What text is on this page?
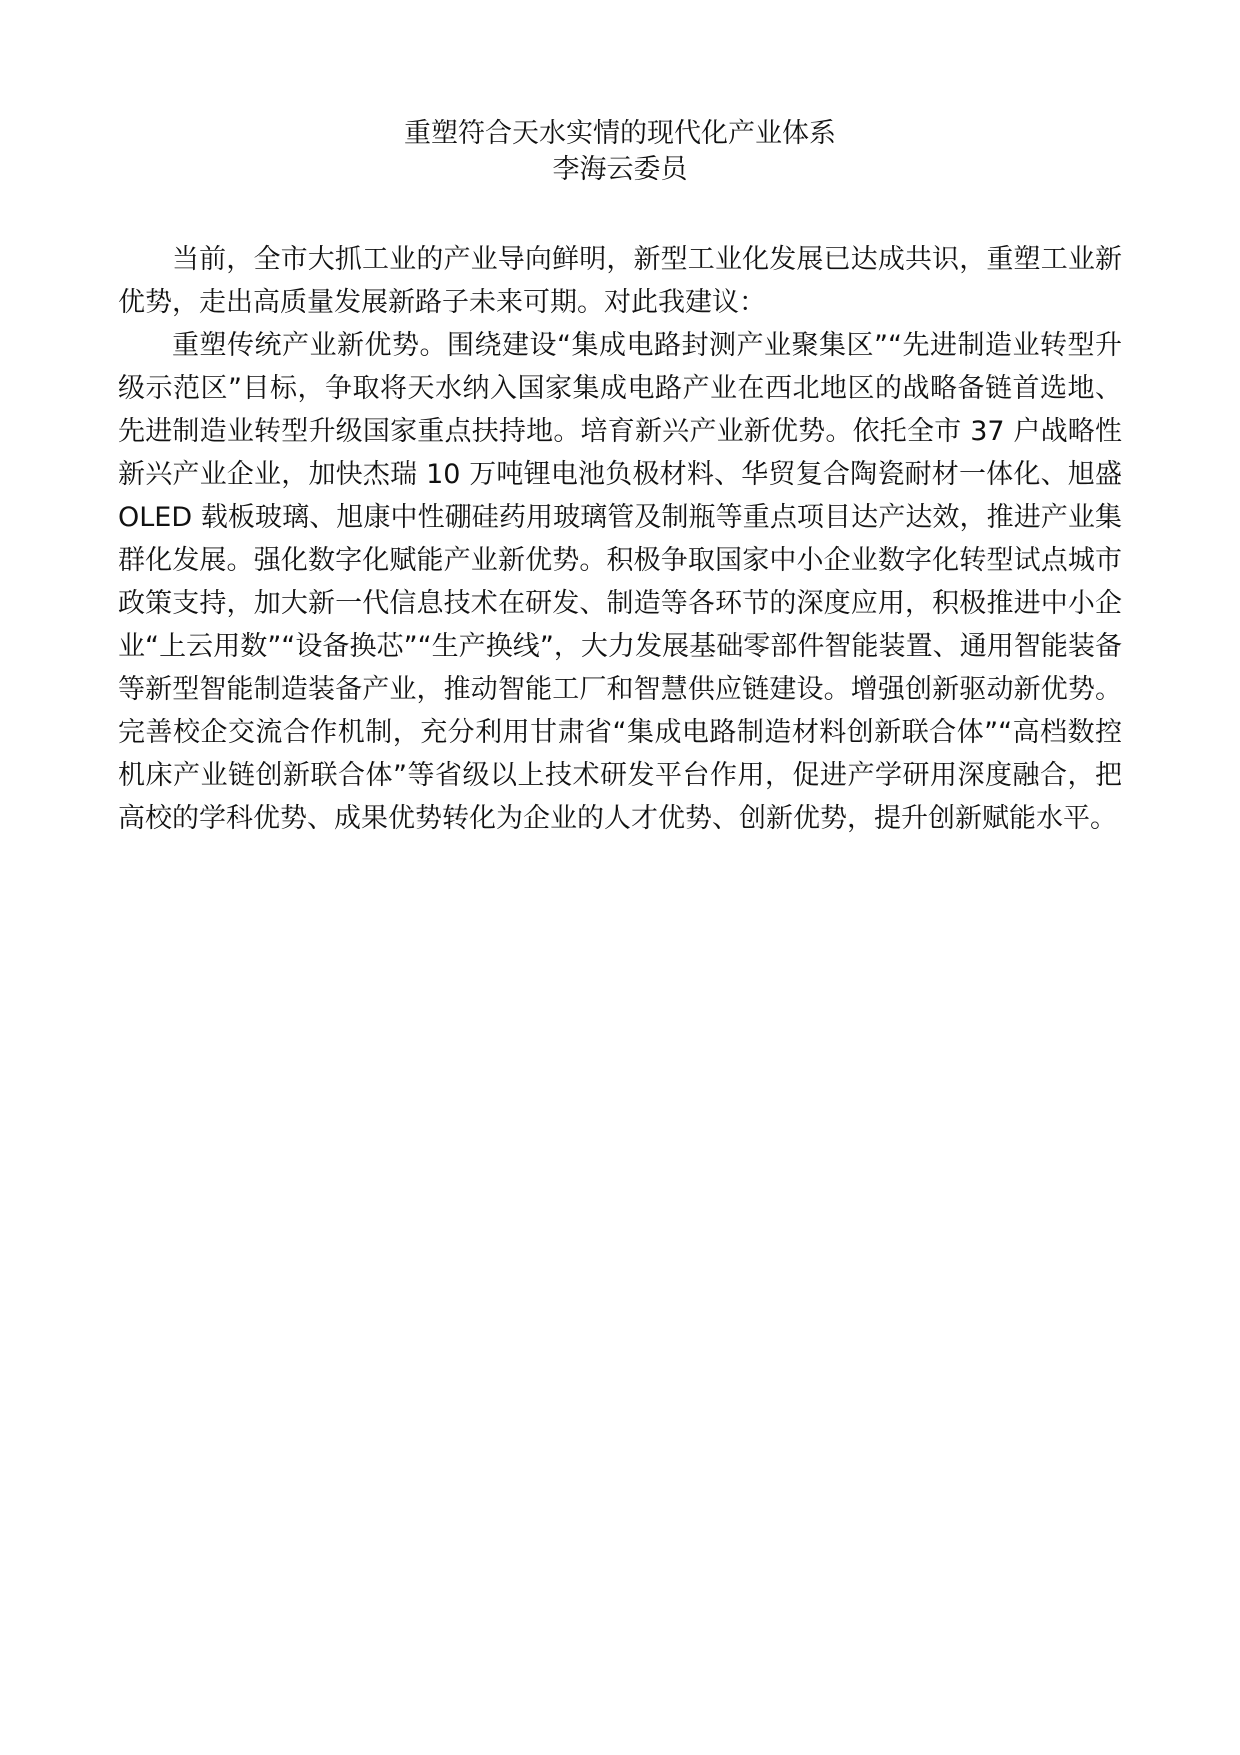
重塑符合天水实情的现代化产业体系
李海云委员

当前，全市大抓工业的产业导向鲜明，新型工业化发展已达成共识，重塑工业新优势，走出高质量发展新路子未来可期。对此我建议：

重塑传统产业新优势。围绕建设“集成电路封测产业聚集区”“先进制造业转型升级示范区”目标，争取将天水纳入国家集成电路产业在西北地区的战略备链首选地、先进制造业转型升级国家重点扶持地。培育新兴产业新优势。依托全市 37 户战略性新兴产业企业，加快杰瑞 10 万吨锂电池负极材料、华贸复合陶瓷耐材一体化、旭盛 OLED 载板玻璃、旭康中性硼硅药用玻璃管及制瓶等重点项目达产达效，推进产业集群化发展。强化数字化赋能产业新优势。积极争取国家中小企业数字化转型试点城市政策支持，加大新一代信息技术在研发、制造等各环节的深度应用，积极推进中小企业“上云用数”“设备换芯”“生产换线”，大力发展基础零部件智能装置、通用智能装备等新型智能制造装备产业，推动智能工厂和智慧供应链建设。增强创新驱动新优势。完善校企交流合作机制，充分利用甘肃省“集成电路制造材料创新联合体”“高档数控机床产业链创新联合体”等省级以上技术研发平台作用，促进产学研用深度融合，把高校的学科优势、成果优势转化为企业的人才优势、创新优势，提升创新赋能水平。
